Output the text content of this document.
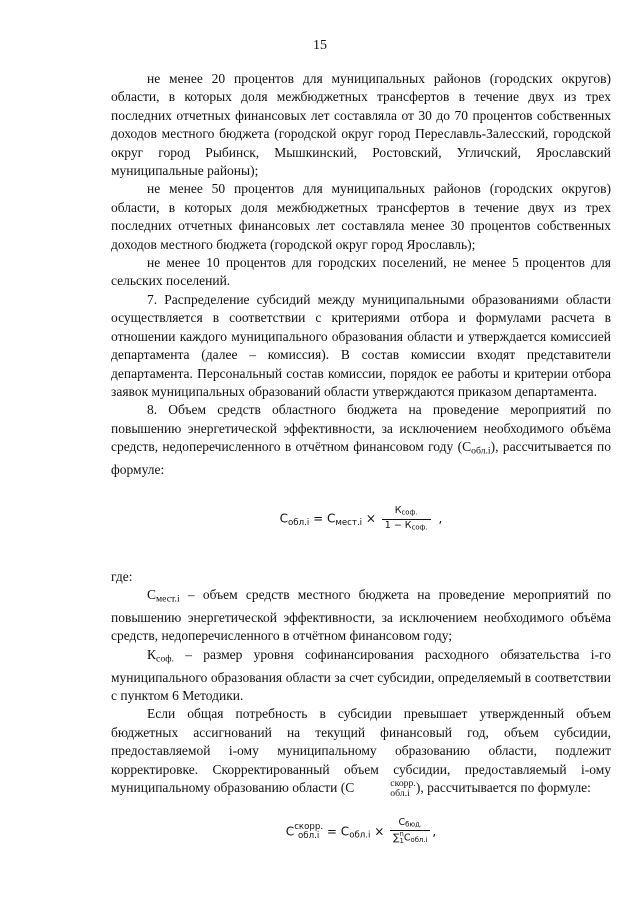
15

не менее 20 процентов для муниципальных районов (городских округов) области, в которых доля межбюджетных трансфертов в течение двух из трех последних отчетных финансовых лет составляла от 30 до 70 процентов собственных доходов местного бюджета (городской округ город Переславль-Залесский, городской округ город Рыбинск, Мышкинский, Ростовский, Угличский, Ярославский муниципальные районы);

не менее 50 процентов для муниципальных районов (городских округов) области, в которых доля межбюджетных трансфертов в течение двух из трех последних отчетных финансовых лет составляла менее 30 процентов собственных доходов местного бюджета (городской округ город Ярославль);

не менее 10 процентов для городских поселений, не менее 5 процентов для сельских поселений.

7. Распределение субсидий между муниципальными образованиями области осуществляется в соответствии с критериями отбора и формулами расчета в отношении каждого муниципального образования области и утверждается комиссией департамента (далее – комиссия). В состав комиссии входят представители департамента. Персональный состав комиссии, порядок ее работы и критерии отбора заявок муниципальных образований области утверждаются приказом департамента.

8. Объем средств областного бюджета на проведение мероприятий по повышению энергетической эффективности, за исключением необходимого объёма средств, недоперечисленного в отчётном финансовом году $(С_{обл.i})$, рассчитывается по формуле:

$С_{обл.i} = С_{мест.i} \times \frac{К_{соф.}}{1 - К_{соф.}}$ ,

где:

$С_{мест.i}$ – объем средств местного бюджета на проведение мероприятий по повышению энергетической эффективности, за исключением необходимого объёма средств, недоперечисленного в отчётном финансовом году;

$К_{соф.}$ – размер уровня софинансирования расходного обязательства i-го муниципального образования области за счет субсидии, определяемый в соответствии с пунктом 6 Методики.

Если общая потребность в субсидии превышает утвержденный объем бюджетных ассигнований на текущий финансовый год, объем субсидии, предоставляемой i-ому муниципальному образованию области, подлежит корректировке. Скорректированный объем субсидии, предоставляемый i-ому муниципальному образованию области (С	скорр.
обл.i ), рассчитывается по формуле:

С скорр.
$обл.i = С_{обл.i} \times С_{бюд.}$
∑ n
1 $С_{обл.i}$ ,
